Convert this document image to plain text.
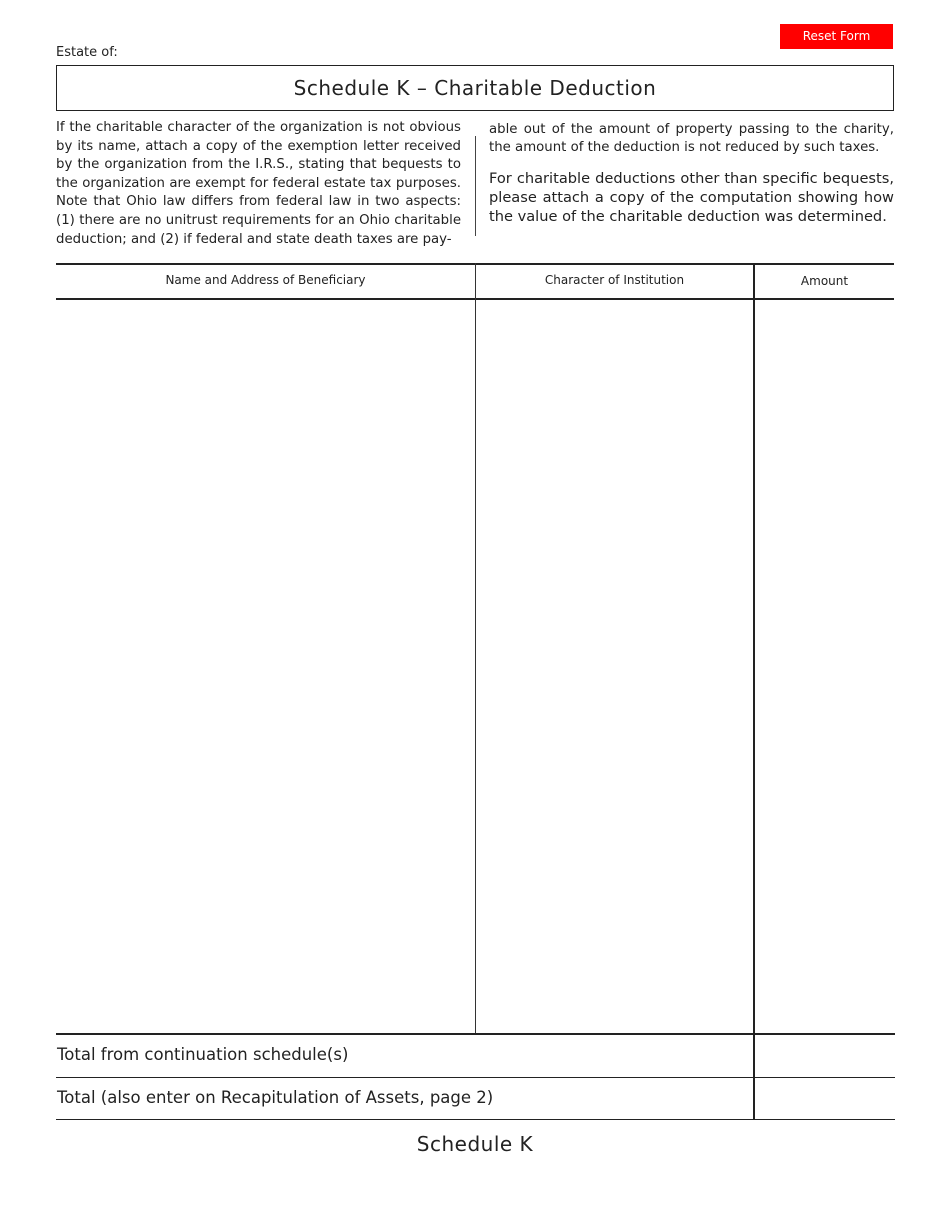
Reset Form
Estate of:
Schedule K – Charitable Deduction

If the charitable character of the organization is not obvious by its name, attach a copy of the exemption letter received by the organization from the I.R.S., stating that bequests to the organization are exempt for federal estate tax purposes. Note that Ohio law differs from federal law in two aspects: (1) there are no unitrust requirements for an Ohio charitable deduction; and (2) if federal and state death taxes are pay-

able out of the amount of property passing to the charity, the amount of the deduction is not reduced by such taxes.

For charitable deductions other than specific bequests, please attach a copy of the computation showing how the value of the charitable deduction was determined.

Name and Address of Beneficiary	Character of Institution	Amount
Total from continuation schedule(s)
Total (also enter on Recapitulation of Assets, page 2)
Schedule K
